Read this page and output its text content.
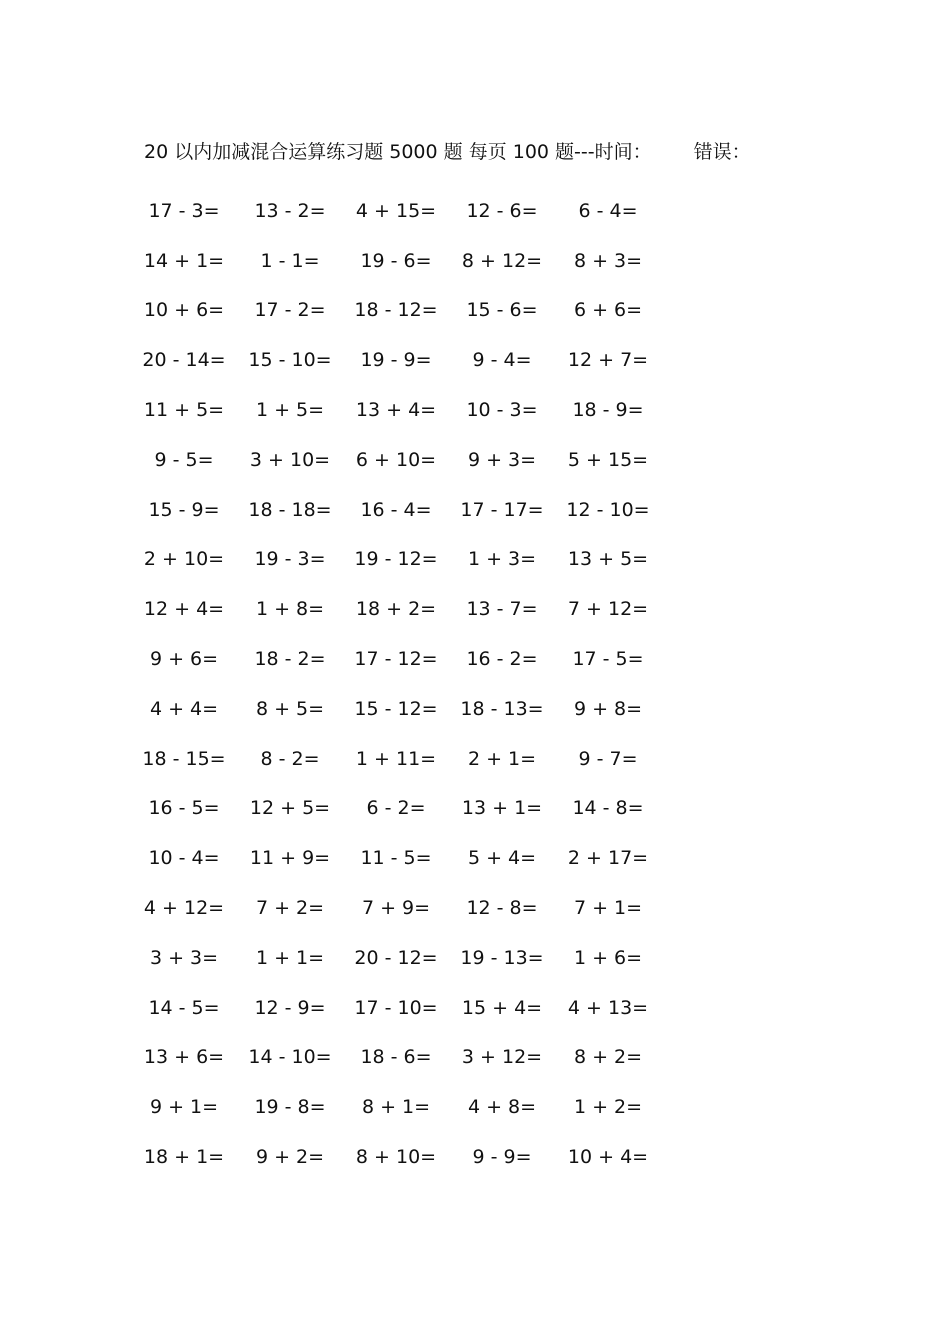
20 以内加减混合运算练习题 5000 题 每页 100 题---时间： 错误：
17 - 3=	13 - 2=	4 + 15=	12 - 6=	6 - 4=
14 + 1=	1 - 1=	19 - 6=	8 + 12=	8 + 3=
10 + 6=	17 - 2=	18 - 12=	15 - 6=	6 + 6=
20 - 14=	15 - 10=	19 - 9=	9 - 4=	12 + 7=
11 + 5=	1 + 5=	13 + 4=	10 - 3=	18 - 9=
9 - 5=	3 + 10=	6 + 10=	9 + 3=	5 + 15=
15 - 9=	18 - 18=	16 - 4=	17 - 17=	12 - 10=
2 + 10=	19 - 3=	19 - 12=	1 + 3=	13 + 5=
12 + 4=	1 + 8=	18 + 2=	13 - 7=	7 + 12=
9 + 6=	18 - 2=	17 - 12=	16 - 2=	17 - 5=
4 + 4=	8 + 5=	15 - 12=	18 - 13=	9 + 8=
18 - 15=	8 - 2=	1 + 11=	2 + 1=	9 - 7=
16 - 5=	12 + 5=	6 - 2=	13 + 1=	14 - 8=
10 - 4=	11 + 9=	11 - 5=	5 + 4=	2 + 17=
4 + 12=	7 + 2=	7 + 9=	12 - 8=	7 + 1=
3 + 3=	1 + 1=	20 - 12=	19 - 13=	1 + 6=
14 - 5=	12 - 9=	17 - 10=	15 + 4=	4 + 13=
13 + 6=	14 - 10=	18 - 6=	3 + 12=	8 + 2=
9 + 1=	19 - 8=	8 + 1=	4 + 8=	1 + 2=
18 + 1=	9 + 2=	8 + 10=	9 - 9=	10 + 4=
